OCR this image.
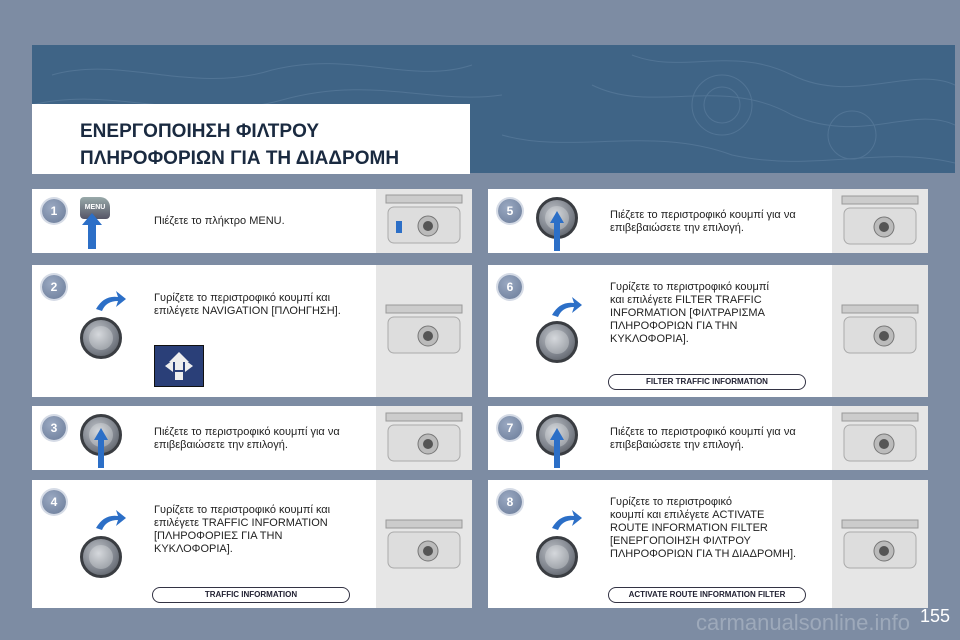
ΕΝΕΡΓΟΠΟΙΗΣΗ ΦΙΛΤΡΟΥ
ΠΛΗΡΟΦΟΡΙΩΝ ΓΙΑ ΤΗ ΔΙΑΔΡΟΜΗ
1	MENU
Πιέζετε το πλήκτρο MENU.
2
Γυρίζετε το περιστροφικό κουμπί και
επιλέγετε NAVIGATION [ΠΛΟΗΓΗΣΗ].
3	Πιέζετε το περιστροφικό κουμπί για να
επιβεβαιώσετε την επιλογή.
4
Γυρίζετε το περιστροφικό κουμπί και
επιλέγετε TRAFFIC INFORMATION
[ΠΛΗΡΟΦΟΡΙΕΣ ΓΙΑ ΤΗΝ
ΚΥΚΛΟΦΟΡΙΑ].
TRAFFIC INFORMATION
5	Πιέζετε το περιστροφικό κουμπί για να
επιβεβαιώσετε την επιλογή.
6	Γυρίζετε το περιστροφικό κουμπί
και επιλέγετε FILTER TRAFFIC
INFORMATION [ΦΙΛΤΡΑΡΙΣΜΑ
ΠΛΗΡΟΦΟΡΙΩΝ ΓΙΑ ΤΗΝ
ΚΥΚΛΟΦΟΡΙΑ].
FILTER TRAFFIC INFORMATION
7	Πιέζετε το περιστροφικό κουμπί για να
επιβεβαιώσετε την επιλογή.
8	Γυρίζετε το περιστροφικό
κουμπί και επιλέγετε ACTIVATE
ROUTE INFORMATION FILTER
[ΕΝΕΡΓΟΠΟΙΗΣΗ ΦΙΛΤΡΟΥ
ΠΛΗΡΟΦΟΡΙΩΝ ΓΙΑ ΤΗ ΔΙΑΔΡΟΜΗ].
ACTIVATE ROUTE INFORMATION FILTER
carmanualsonline.info 155
